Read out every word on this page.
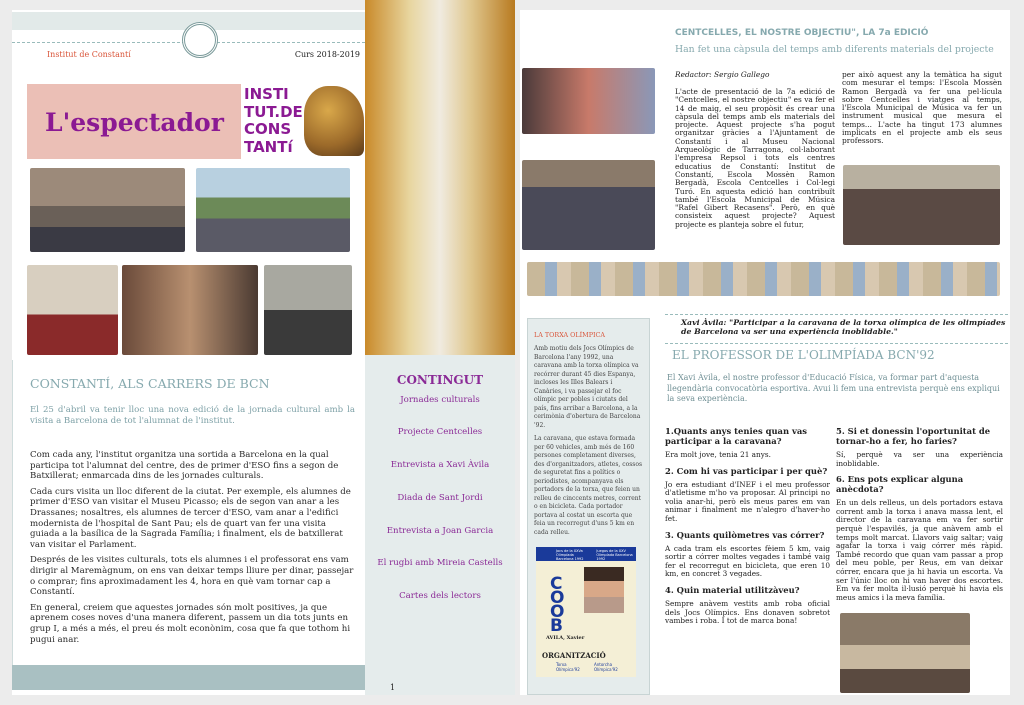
Institut de Constantí	Curs 2018-2019
L'espectador
INSTI
TUT.DE
CONS
TANTí
CONSTANTÍ, ALS CARRERS DE BCN
El 25 d'abril va tenir lloc una nova edició de la jornada cultural amb la visita a Barcelona de tot l'alumnat de l'institut.

Com cada any, l'institut organitza una sortida a Barcelona en la qual participa tot l'alumnat del centre, des de primer d'ESO fins a segon de Batxillerat; enmarcada dins de les jornades culturals.

Cada curs visita un lloc diferent de la ciutat. Per exemple, els alumnes de primer d'ESO van visitar el Museu Picasso; els de segon van anar a les Drassanes; nosaltres, els alumnes de tercer d'ESO, vam anar a l'edifici modernista de l'hospital de Sant Pau; els de quart van fer una visita guiada a la basílica de la Sagrada Família; i finalment, els de batxillerat van visitar el Parlament.

Després de les visites culturals, tots els alumnes i el professorat ens vam dirigir al Maremàgnum, on ens van deixar temps lliure per dinar, passejar o comprar; fins aproximadament les 4, hora en què vam tornar cap a Constantí.

En general, creiem que aquestes jornades són molt positives, ja que aprenem coses noves d'una manera diferent, passem un dia tots junts en grup I, a més a més, el preu és molt econònim, cosa que fa que tothom hi pugui anar.

CONTINGUT
Jornades culturals
Projecte Centcelles
Entrevista a Xavi Àvila
Diada de Sant Jordi
Entrevista a Joan Garcia
El rugbi amb Mireia Castells
Cartes dels lectors
1
CENTCELLES, EL NOSTRE OBJECTIU", LA 7a EDICIÓ
Han fet una càpsula del temps amb diferents materials del projecte
Redactor: Sergio Gallego
L'acte de presentació de la 7a edició de "Centcelles, el nostre objectiu" es va fer el 14 de maig, el seu propòsit és crear una càpsula del temps amb els materials del projecte. Aquest projecte s'ha pogut organitzar gràcies a l'Ajuntament de Constantí i al Museu Nacional Arqueològic de Tarragona, col·laborant l'empresa Repsol i tots els centres educatius de Constantí: Institut de Constantí, Escola Mossèn Ramon Bergadà, Escola Centcelles i Col·legi Turó. En aquesta edició han contribuït també l'Escola Municipal de Música "Rafel Gibert Recasens". Però, en què consisteix aquest projecte? Aquest projecte es planteja sobre el futur,
per això aquest any la temàtica ha sigut com mesurar el temps: l'Escola Mossèn Ramon Bergadà va fer una pel·lícula sobre Centcelles i viatges al temps, l'Escola Municipal de Música va fer un instrument musical que mesura el temps... L'acte ha tingut 173 alumnes implicats en el projecte amb els seus professors.
LA TORXA OLÍMPICA

Amb motiu dels Jocs Olímpics de Barcelona l'any 1992, una caravana amb la torxa olímpica va recórrer durant 45 dies Espanya, incloses les Illes Balears i Canàries, i va passejar el foc olímpic per pobles i ciutats del país, fins arribar a Barcelona, a la cerimònia d'obertura de Barcelona '92.

La caravana, que estava formada per 60 vehicles, amb més de 160 persones completament diverses, des d'organitzadors, atletes, cossos de seguretat fins a polítics o periodistes, acompanyava els portadors de la torxa, que feien un relleu de cinccents metres, corrent o en bicicleta. Cada portador portava al costat un escorta que feia un recorregut d'uns 5 km en cada relleu.

Jocs de la XXVa Olimpíada Barcelona 1992
Juegos de la XXV Olimpíada Barcelona 1992
COOB
AVILA, Xavier
ORGANITZACIÓ
Torxa Olímpica'92
Antorcha Olímpica'92
Xavi Àvila: "Participar a la caravana de la torxa olímpica de les olimpíades de Barcelona va ser una experiència inoblidable."
EL PROFESSOR DE L'OLIMPÍADA BCN'92
El Xavi Àvila, el nostre professor d'Educació Física, va formar part d'aquesta llegendària convocatòria esportiva. Avui li fem una entrevista perquè ens expliqui la seva experiència.
1.Quants anys tenies quan vas participar a la caravana?
Era molt jove, tenia 21 anys.
2. Com hi vas participar i per què?
Jo era estudiant d'INEF i el meu professor d'atletisme m'ho va proposar. Al principi no volia anar-hi, però els meus pares em van animar i finalment me n'alegro d'haver-ho fet.
3. Quants quilòmetres vas córrer?
A cada tram els escortes fèiem 5 km, vaig sortir a córrer moltes vegades i també vaig fer el recorregut en bicicleta, que eren 10 km, en concret 3 vegades.
4. Quin material utilitzàveu?
Sempre anàvem vestits amb roba oficial dels Jocs Olímpics. Ens donaven sobretot vambes i roba. I tot de marca bona!
5. Si et donessin l'oportunitat de tornar-ho a fer, ho faries?
Sí, perquè va ser una experiència inoblidable.
6. Ens pots explicar alguna anècdota?
En un dels relleus, un dels portadors estava corrent amb la torxa i anava massa lent, el director de la caravana em va fer sortir perquè l'espavilés, ja que anàvem amb el temps molt marcat. Llavors vaig saltar; vaig agafar la torxa i vaig córrer més ràpid. També recordo que quan vam passar a prop del meu poble, per Reus, em van deixar córrer, encara que ja hi havia un escorta. Va ser l'únic lloc on hi van haver dos escortes. Em va fer molta il·lusió perquè hi havia els meus amics i la meva família.
